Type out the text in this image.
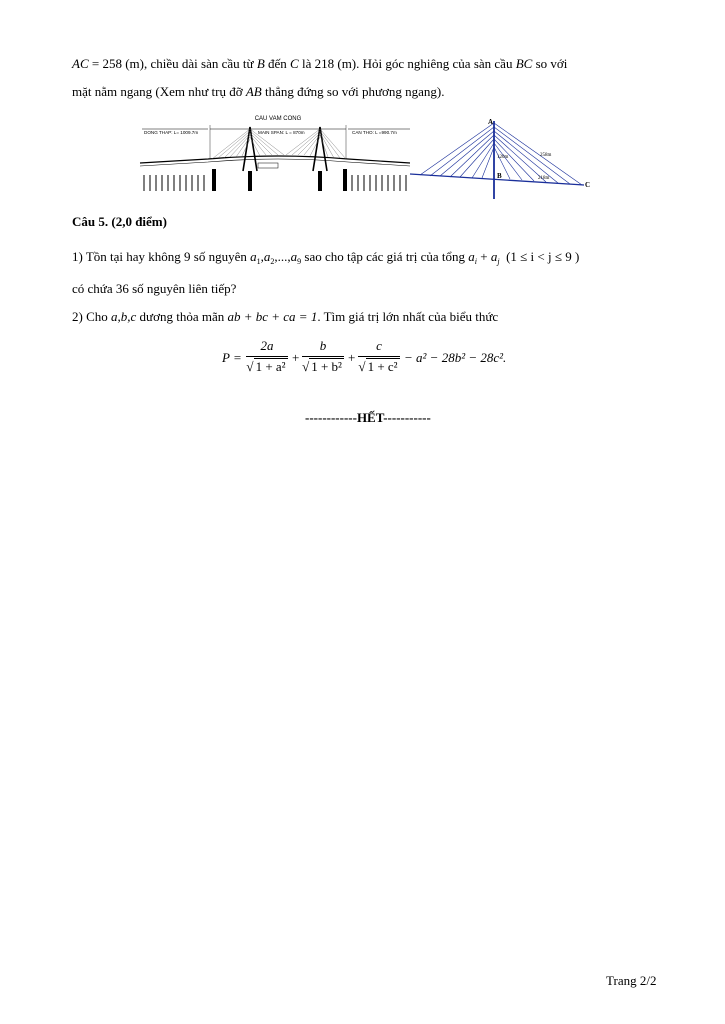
AC = 258 (m), chiều dài sàn cầu từ B đến C là 218 (m). Hỏi góc nghiêng của sàn cầu BC so với
mặt nằm ngang (Xem như trụ đỡ AB thẳng đứng so với phương ngang).
CAU VAM CONG
DONG THAP: L= 1009.7m	MAIN SPAN: L = 870m	CAN THO: L =990.7m
A
B
C
120m	258m
218m
Câu 5. (2,0 điểm)
1) Tồn tại hay không 9 số nguyên $a_1,a_2,...,a_9$ sao cho tập các giá trị của tổng $a_i + a_j$ (1 ≤ i < j ≤ 9 )
có chứa 36 số nguyên liên tiếp?
2) Cho a,b,c dương thỏa mãn ab + bc + ca = 1. Tìm giá trị lớn nhất của biểu thức
P =
2a
√ 1 + a²
+
b
√ 1 + b²
+
c
√ 1 + c²
− a² − 28b² − 28c².
------------HẾT-----------
Trang 2/2
